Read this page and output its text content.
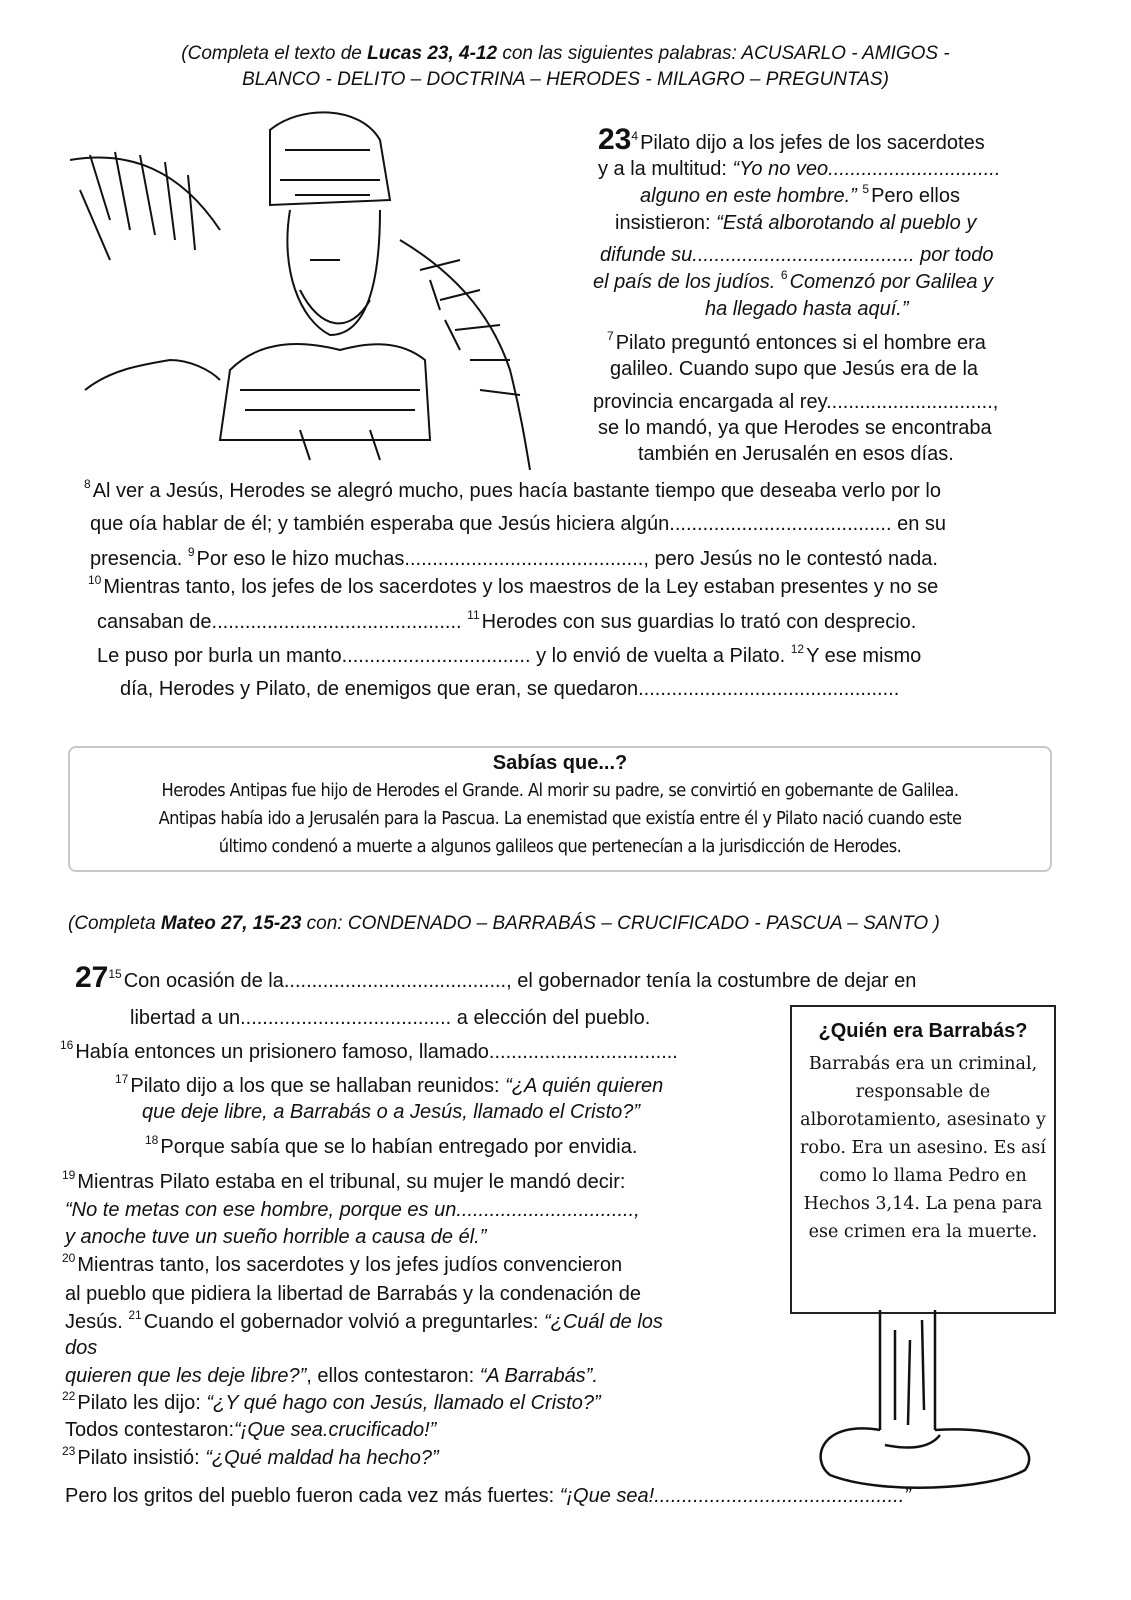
(Completa el texto de Lucas 23, 4-12 con las siguientes palabras: ACUSARLO - AMIGOS -
BLANCO - DELITO – DOCTRINA – HERODES - MILAGRO – PREGUNTAS)
$23^4$ Pilato dijo a los jefes de los sacerdotes
y a la multitud: “Yo no veo...............................
alguno en este hombre.” $^5$ Pero ellos
insistieron: “Está alborotando al pueblo y
difunde su........................................ por todo
el país de los judíos. $^6$ Comenzó por Galilea y
ha llegado hasta aquí.”
$^7$ Pilato preguntó entonces si el hombre era
galileo. Cuando supo que Jesús era de la
provincia encargada al rey..............................,
se lo mandó, ya que Herodes se encontraba
también en Jerusalén en esos días.
$^8$ Al ver a Jesús, Herodes se alegró mucho, pues hacía bastante tiempo que deseaba verlo por lo
que oía hablar de él; y también esperaba que Jesús hiciera algún........................................ en su
presencia. $^9$ Por eso le hizo muchas..........................................., pero Jesús no le contestó nada.
$^{10}$ Mientras tanto, los jefes de los sacerdotes y los maestros de la Ley estaban presentes y no se
cansaban de............................................. $^{11}$ Herodes con sus guardias lo trató con desprecio.
Le puso por burla un manto.................................. y lo envió de vuelta a Pilato. $^{12}$ Y ese mismo
día, Herodes y Pilato, de enemigos que eran, se quedaron...............................................
(Completa Mateo 27, 15-23 con: CONDENADO – BARRABÁS – CRUCIFICADO - PASCUA – SANTO )
$27^{15}$ Con ocasión de la........................................, el gobernador tenía la costumbre de dejar en
libertad a un...................................... a elección del pueblo.
$^{16}$ Había entonces un prisionero famoso, llamado..................................
$^{17}$ Pilato dijo a los que se hallaban reunidos: “¿A quién quieren
que deje libre, a Barrabás o a Jesús, llamado el Cristo?”
$^{18}$ Porque sabía que se lo habían entregado por envidia.
$^{19}$ Mientras Pilato estaba en el tribunal, su mujer le mandó decir:
“No te metas con ese hombre, porque es un................................,
y anoche tuve un sueño horrible a causa de él.”
$^{20}$ Mientras tanto, los sacerdotes y los jefes judíos convencieron
al pueblo que pidiera la libertad de Barrabás y la condenación de
Jesús. $^{21}$ Cuando el gobernador volvió a preguntarles: “¿Cuál de los
dos
quieren que les deje libre?”, ellos contestaron: “A Barrabás”.
$^{22}$ Pilato les dijo: “¿Y qué hago con Jesús, llamado el Cristo?”
Todos contestaron:“¡Que sea.crucificado!”
$^{23}$ Pilato insistió: “¿Qué maldad ha hecho?”
Pero los gritos del pueblo fueron cada vez más fuertes: “¡Que sea!.............................................”
Sabías que...?

Herodes Antipas fue hijo de Herodes el Grande. Al morir su padre, se convirtió en gobernante de Galilea.

Antipas había ido a Jerusalén para la Pascua. La enemistad que existía entre él y Pilato nació cuando este

último condenó a muerte a algunos galileos que pertenecían a la jurisdicción de Herodes.

¿Quién era Barrabás?

Barrabás era un criminal, responsable de alborotamiento, asesinato y robo. Era un asesino. Es así como lo llama Pedro en Hechos 3,14. La pena para ese crimen era la muerte.
